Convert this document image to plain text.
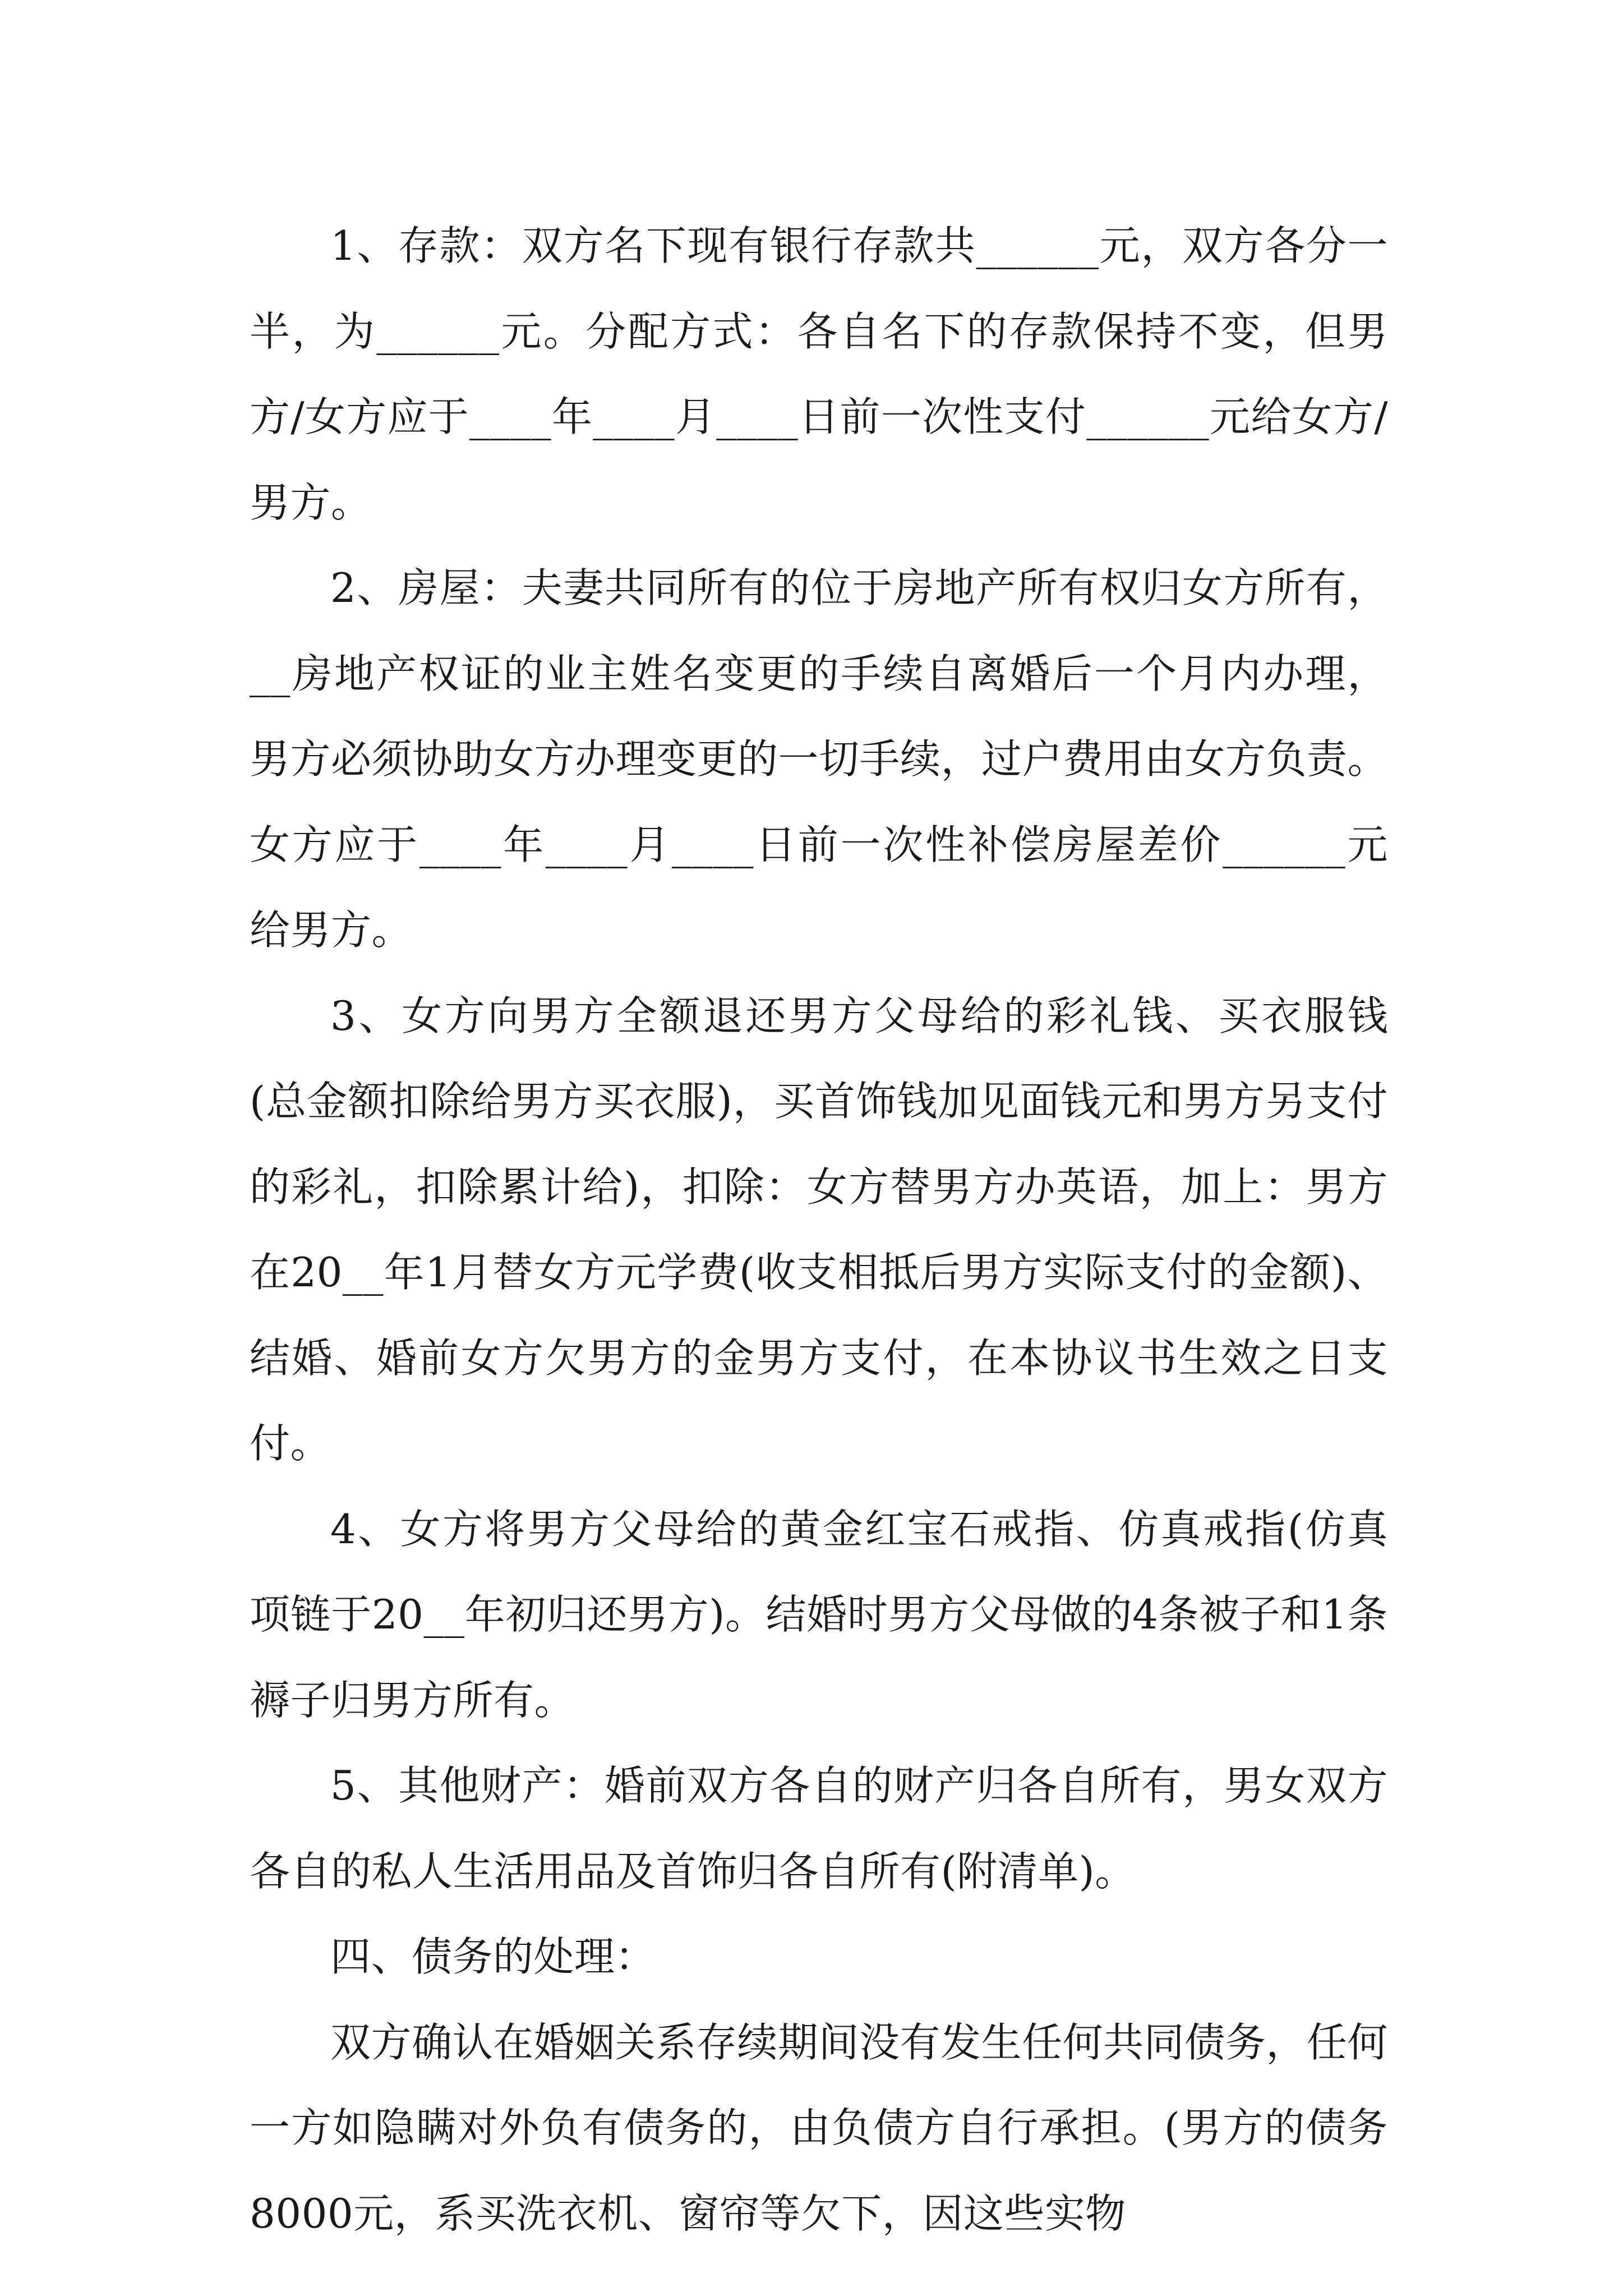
1、存款：双方名下现有银行存款共______元，双方各分一半，为______元。分配方式：各自名下的存款保持不变，但男方/女方应于____年____月____日前一次性支付______元给女方/男方。

2、房屋：夫妻共同所有的位于房地产所有权归女方所有，__房地产权证的业主姓名变更的手续自离婚后一个月内办理，男方必须协助女方办理变更的一切手续，过户费用由女方负责。女方应于____年____月____日前一次性补偿房屋差价______元给男方。

3、女方向男方全额退还男方父母给的彩礼钱、买衣服钱(总金额扣除给男方买衣服)，买首饰钱加见面钱元和男方另支付的彩礼，扣除累计给)，扣除：女方替男方办英语，加上：男方在20__年1月替女方元学费(收支相抵后男方实际支付的金额)、结婚、婚前女方欠男方的金男方支付，在本协议书生效之日支付。

4、女方将男方父母给的黄金红宝石戒指、仿真戒指(仿真项链于20__年初归还男方)。结婚时男方父母做的4条被子和1条褥子归男方所有。

5、其他财产：婚前双方各自的财产归各自所有，男女双方各自的私人生活用品及首饰归各自所有(附清单)。

四、债务的处理：

双方确认在婚姻关系存续期间没有发生任何共同债务，任何一方如隐瞒对外负有债务的，由负债方自行承担。(男方的债务8000元，系买洗衣机、窗帘等欠下，因这些实物
